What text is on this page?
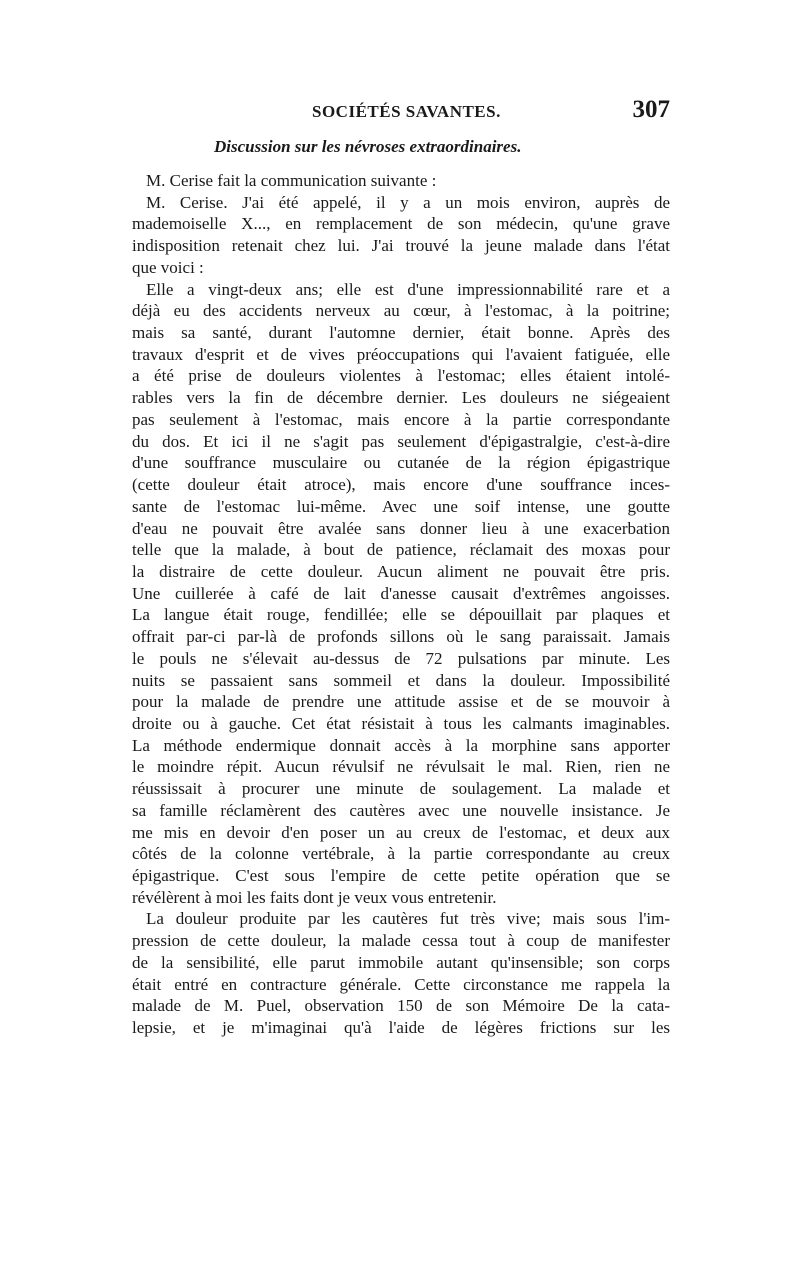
SOCIÉTÉS SAVANTES.	307
Discussion sur les névroses extraordinaires.
M. Cerise fait la communication suivante :
M. Cerise. J'ai été appelé, il y a un mois environ, auprès de
mademoiselle X..., en remplacement de son médecin, qu'une grave
indisposition retenait chez lui. J'ai trouvé la jeune malade dans l'état
que voici :
Elle a vingt-deux ans; elle est d'une impressionnabilité rare et a
déjà eu des accidents nerveux au cœur, à l'estomac, à la poitrine;
mais sa santé, durant l'automne dernier, était bonne. Après des
travaux d'esprit et de vives préoccupations qui l'avaient fatiguée, elle
a été prise de douleurs violentes à l'estomac; elles étaient intolé-
rables vers la fin de décembre dernier. Les douleurs ne siégeaient
pas seulement à l'estomac, mais encore à la partie correspondante
du dos. Et ici il ne s'agit pas seulement d'épigastralgie, c'est-à-dire
d'une souffrance musculaire ou cutanée de la région épigastrique
(cette douleur était atroce), mais encore d'une souffrance inces-
sante de l'estomac lui-même. Avec une soif intense, une goutte
d'eau ne pouvait être avalée sans donner lieu à une exacerbation
telle que la malade, à bout de patience, réclamait des moxas pour
la distraire de cette douleur. Aucun aliment ne pouvait être pris.
Une cuillerée à café de lait d'anesse causait d'extrêmes angoisses.
La langue était rouge, fendillée; elle se dépouillait par plaques et
offrait par-ci par-là de profonds sillons où le sang paraissait. Jamais
le pouls ne s'élevait au-dessus de 72 pulsations par minute. Les
nuits se passaient sans sommeil et dans la douleur. Impossibilité
pour la malade de prendre une attitude assise et de se mouvoir à
droite ou à gauche. Cet état résistait à tous les calmants imaginables.
La méthode endermique donnait accès à la morphine sans apporter
le moindre répit. Aucun révulsif ne révulsait le mal. Rien, rien ne
réussissait à procurer une minute de soulagement. La malade et
sa famille réclamèrent des cautères avec une nouvelle insistance. Je
me mis en devoir d'en poser un au creux de l'estomac, et deux aux
côtés de la colonne vertébrale, à la partie correspondante au creux
épigastrique. C'est sous l'empire de cette petite opération que se
révélèrent à moi les faits dont je veux vous entretenir.
La douleur produite par les cautères fut très vive; mais sous l'im-
pression de cette douleur, la malade cessa tout à coup de manifester
de la sensibilité, elle parut immobile autant qu'insensible; son corps
était entré en contracture générale. Cette circonstance me rappela la
malade de M. Puel, observation 150 de son Mémoire De la cata-
lepsie, et je m'imaginai qu'à l'aide de légères frictions sur les
